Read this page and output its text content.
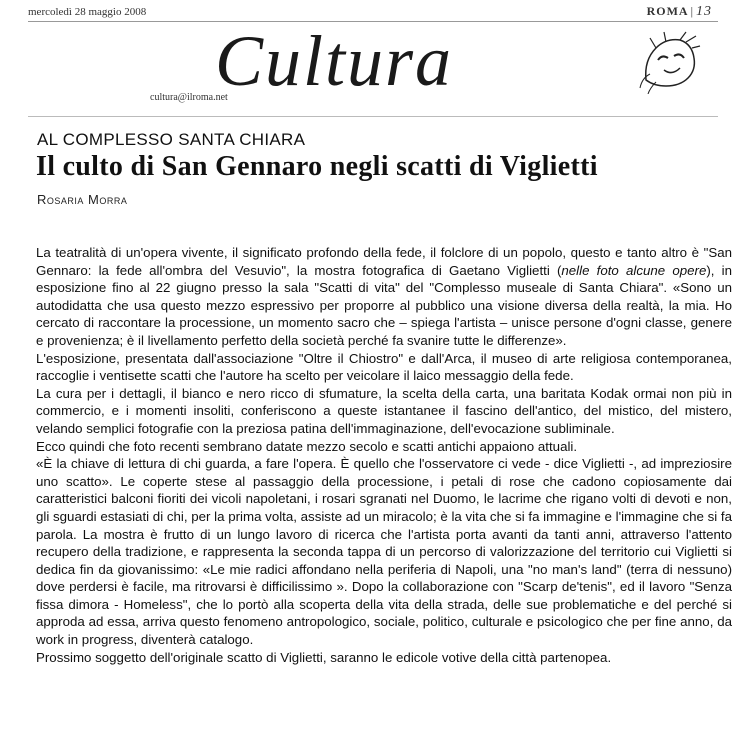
mercoledì 28 maggio 2008	ROMA | 13
cultura@ilroma.net
Cultura
AL COMPLESSO SANTA CHIARA
Il culto di San Gennaro negli scatti di Viglietti
Rosaria Morra

La teatralità di un'opera vivente, il significato profondo della fede, il folclore di un popolo, questo e tanto altro è "San Gennaro: la fede all'ombra del Vesuvio", la mostra fotografica di Gaetano Viglietti (nelle foto alcune opere), in esposizione fino al 22 giugno presso la sala "Scatti di vita" del "Complesso museale di Santa Chiara". «Sono un autodidatta che usa questo mezzo espressivo per proporre al pubblico una visione diversa della realtà, la mia. Ho cercato di raccontare la processione, un momento sacro che – spiega l'artista – unisce persone d'ogni classe, genere e provenienza; è il livellamento perfetto della società perché fa svanire tutte le differenze».

L'esposizione, presentata dall'associazione "Oltre il Chiostro" e dall'Arca, il museo di arte religiosa contemporanea, raccoglie i ventisette scatti che l'autore ha scelto per veicolare il laico messaggio della fede.

La cura per i dettagli, il bianco e nero ricco di sfumature, la scelta della carta, una baritata Kodak ormai non più in commercio, e i momenti insoliti, conferiscono a queste istantanee il fascino dell'antico, del mistico, del mistero, velando semplici fotografie con la preziosa patina dell'immaginazione, dell'evocazione subliminale.

Ecco quindi che foto recenti sembrano datate mezzo secolo e scatti antichi appaiono attuali.

«È la chiave di lettura di chi guarda, a fare l'opera. È quello che l'osservatore ci vede - dice Viglietti -, ad impreziosire uno scatto». Le coperte stese al passaggio della processione, i petali di rose che cadono copiosamente dai caratteristici balconi fioriti dei vicoli napoletani, i rosari sgranati nel Duomo, le lacrime che rigano volti di devoti e non, gli sguardi estasiati di chi, per la prima volta, assiste ad un miracolo; è la vita che si fa immagine e l'immagine che si fa parola. La mostra è frutto di un lungo lavoro di ricerca che l'artista porta avanti da tanti anni, attraverso l'attento recupero della tradizione, e rappresenta la seconda tappa di un percorso di valorizzazione del territorio cui Viglietti si dedica fin da giovanissimo: «Le mie radici affondano nella periferia di Napoli, una "no man's land" (terra di nessuno) dove perdersi è facile, ma ritrovarsi è difficilissimo ». Dopo la collaborazione con "Scarp de'tenis", ed il lavoro "Senza fissa dimora - Homeless", che lo portò alla scoperta della vita della strada, delle sue problematiche e del perché si approda ad essa, arriva questo fenomeno antropologico, sociale, politico, culturale e psicologico che per fine anno, da work in progress, diventerà catalogo.

Prossimo soggetto dell'originale scatto di Viglietti, saranno le edicole votive della città partenopea.
